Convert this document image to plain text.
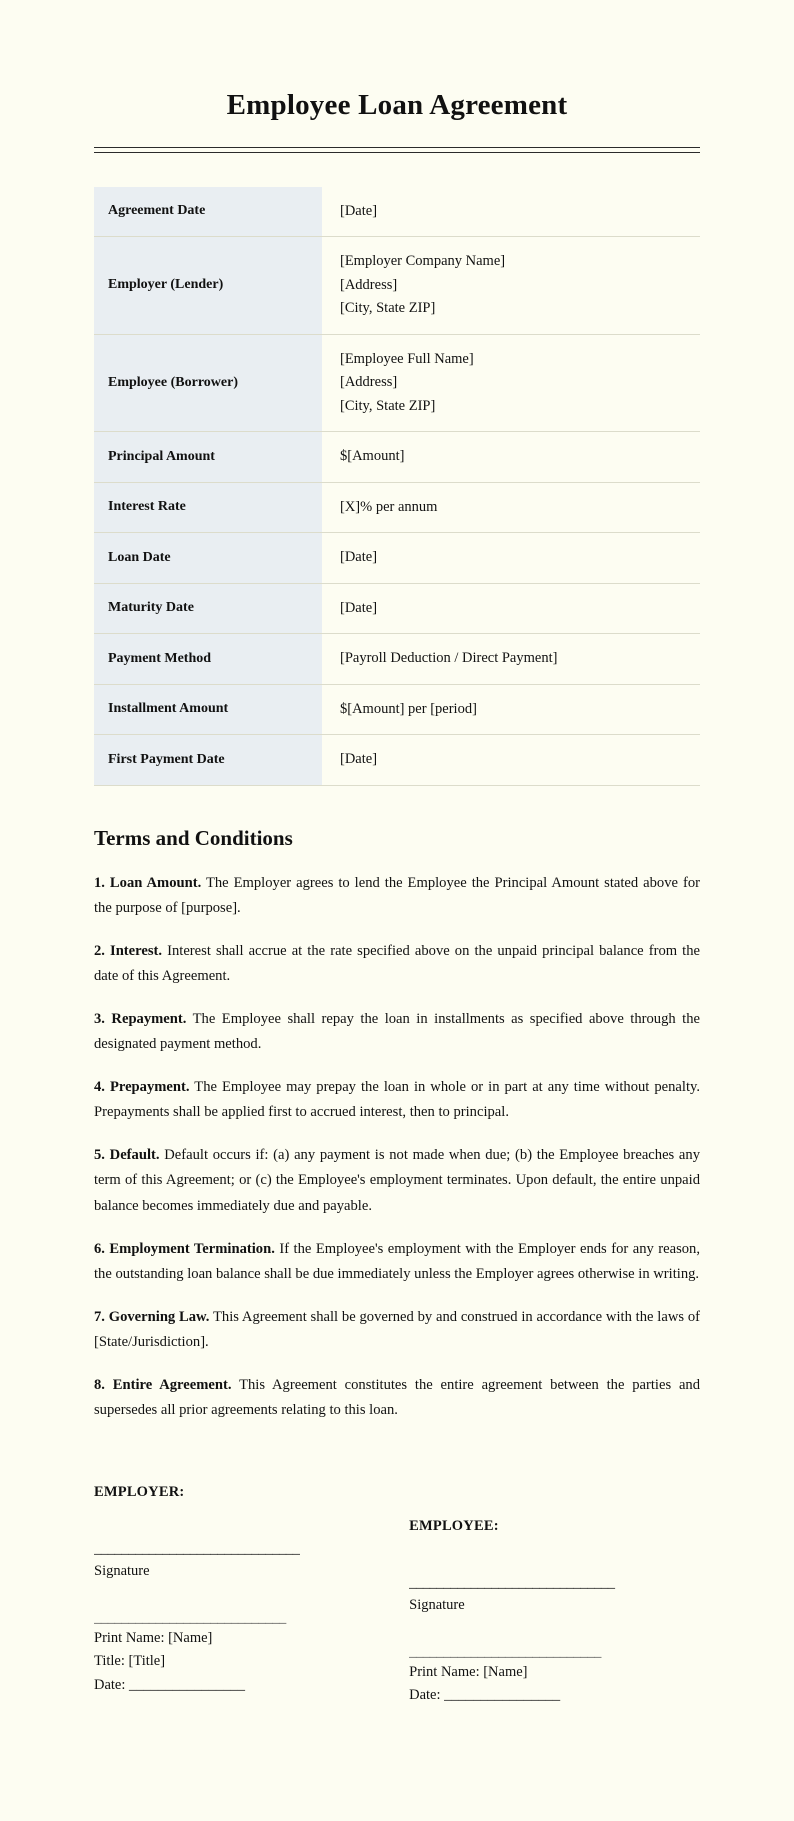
Employee Loan Agreement
Agreement Date	[Date]

Employer (Lender)	[Employer Company Name]
[Address]
[City, State ZIP]

Employee (Borrower)	[Employee Full Name]
[Address]
[City, State ZIP]

Principal Amount	$[Amount]

Interest Rate	[X]% per annum

Loan Date	[Date]

Maturity Date	[Date]

Payment Method	[Payroll Deduction / Direct Payment]

Installment Amount	$[Amount] per [period]

First Payment Date	[Date]
Terms and Conditions

1. Loan Amount. The Employer agrees to lend the Employee the Principal Amount stated above for the purpose of [purpose].

2. Interest. Interest shall accrue at the rate specified above on the unpaid principal balance from the date of this Agreement.

3. Repayment. The Employee shall repay the loan in installments as specified above through the designated payment method.

4. Prepayment. The Employee may prepay the loan in whole or in part at any time without penalty. Prepayments shall be applied first to accrued interest, then to principal.

5. Default. Default occurs if: (a) any payment is not made when due; (b) the Employee breaches any term of this Agreement; or (c) the Employee's employment terminates. Upon default, the entire unpaid balance becomes immediately due and payable.

6. Employment Termination. If the Employee's employment with the Employer ends for any reason, the outstanding loan balance shall be due immediately unless the Employer agrees otherwise in writing.

7. Governing Law. This Agreement shall be governed by and construed in accordance with the laws of [State/Jurisdiction].

8. Entire Agreement. This Agreement constitutes the entire agreement between the parties and supersedes all prior agreements relating to this loan.

EMPLOYER:
______________________________
Signature
____________________________
Print Name: [Name]
Title: [Title]
Date: ________________
EMPLOYEE:
______________________________
Signature
____________________________
Print Name: [Name]
Date: ________________
